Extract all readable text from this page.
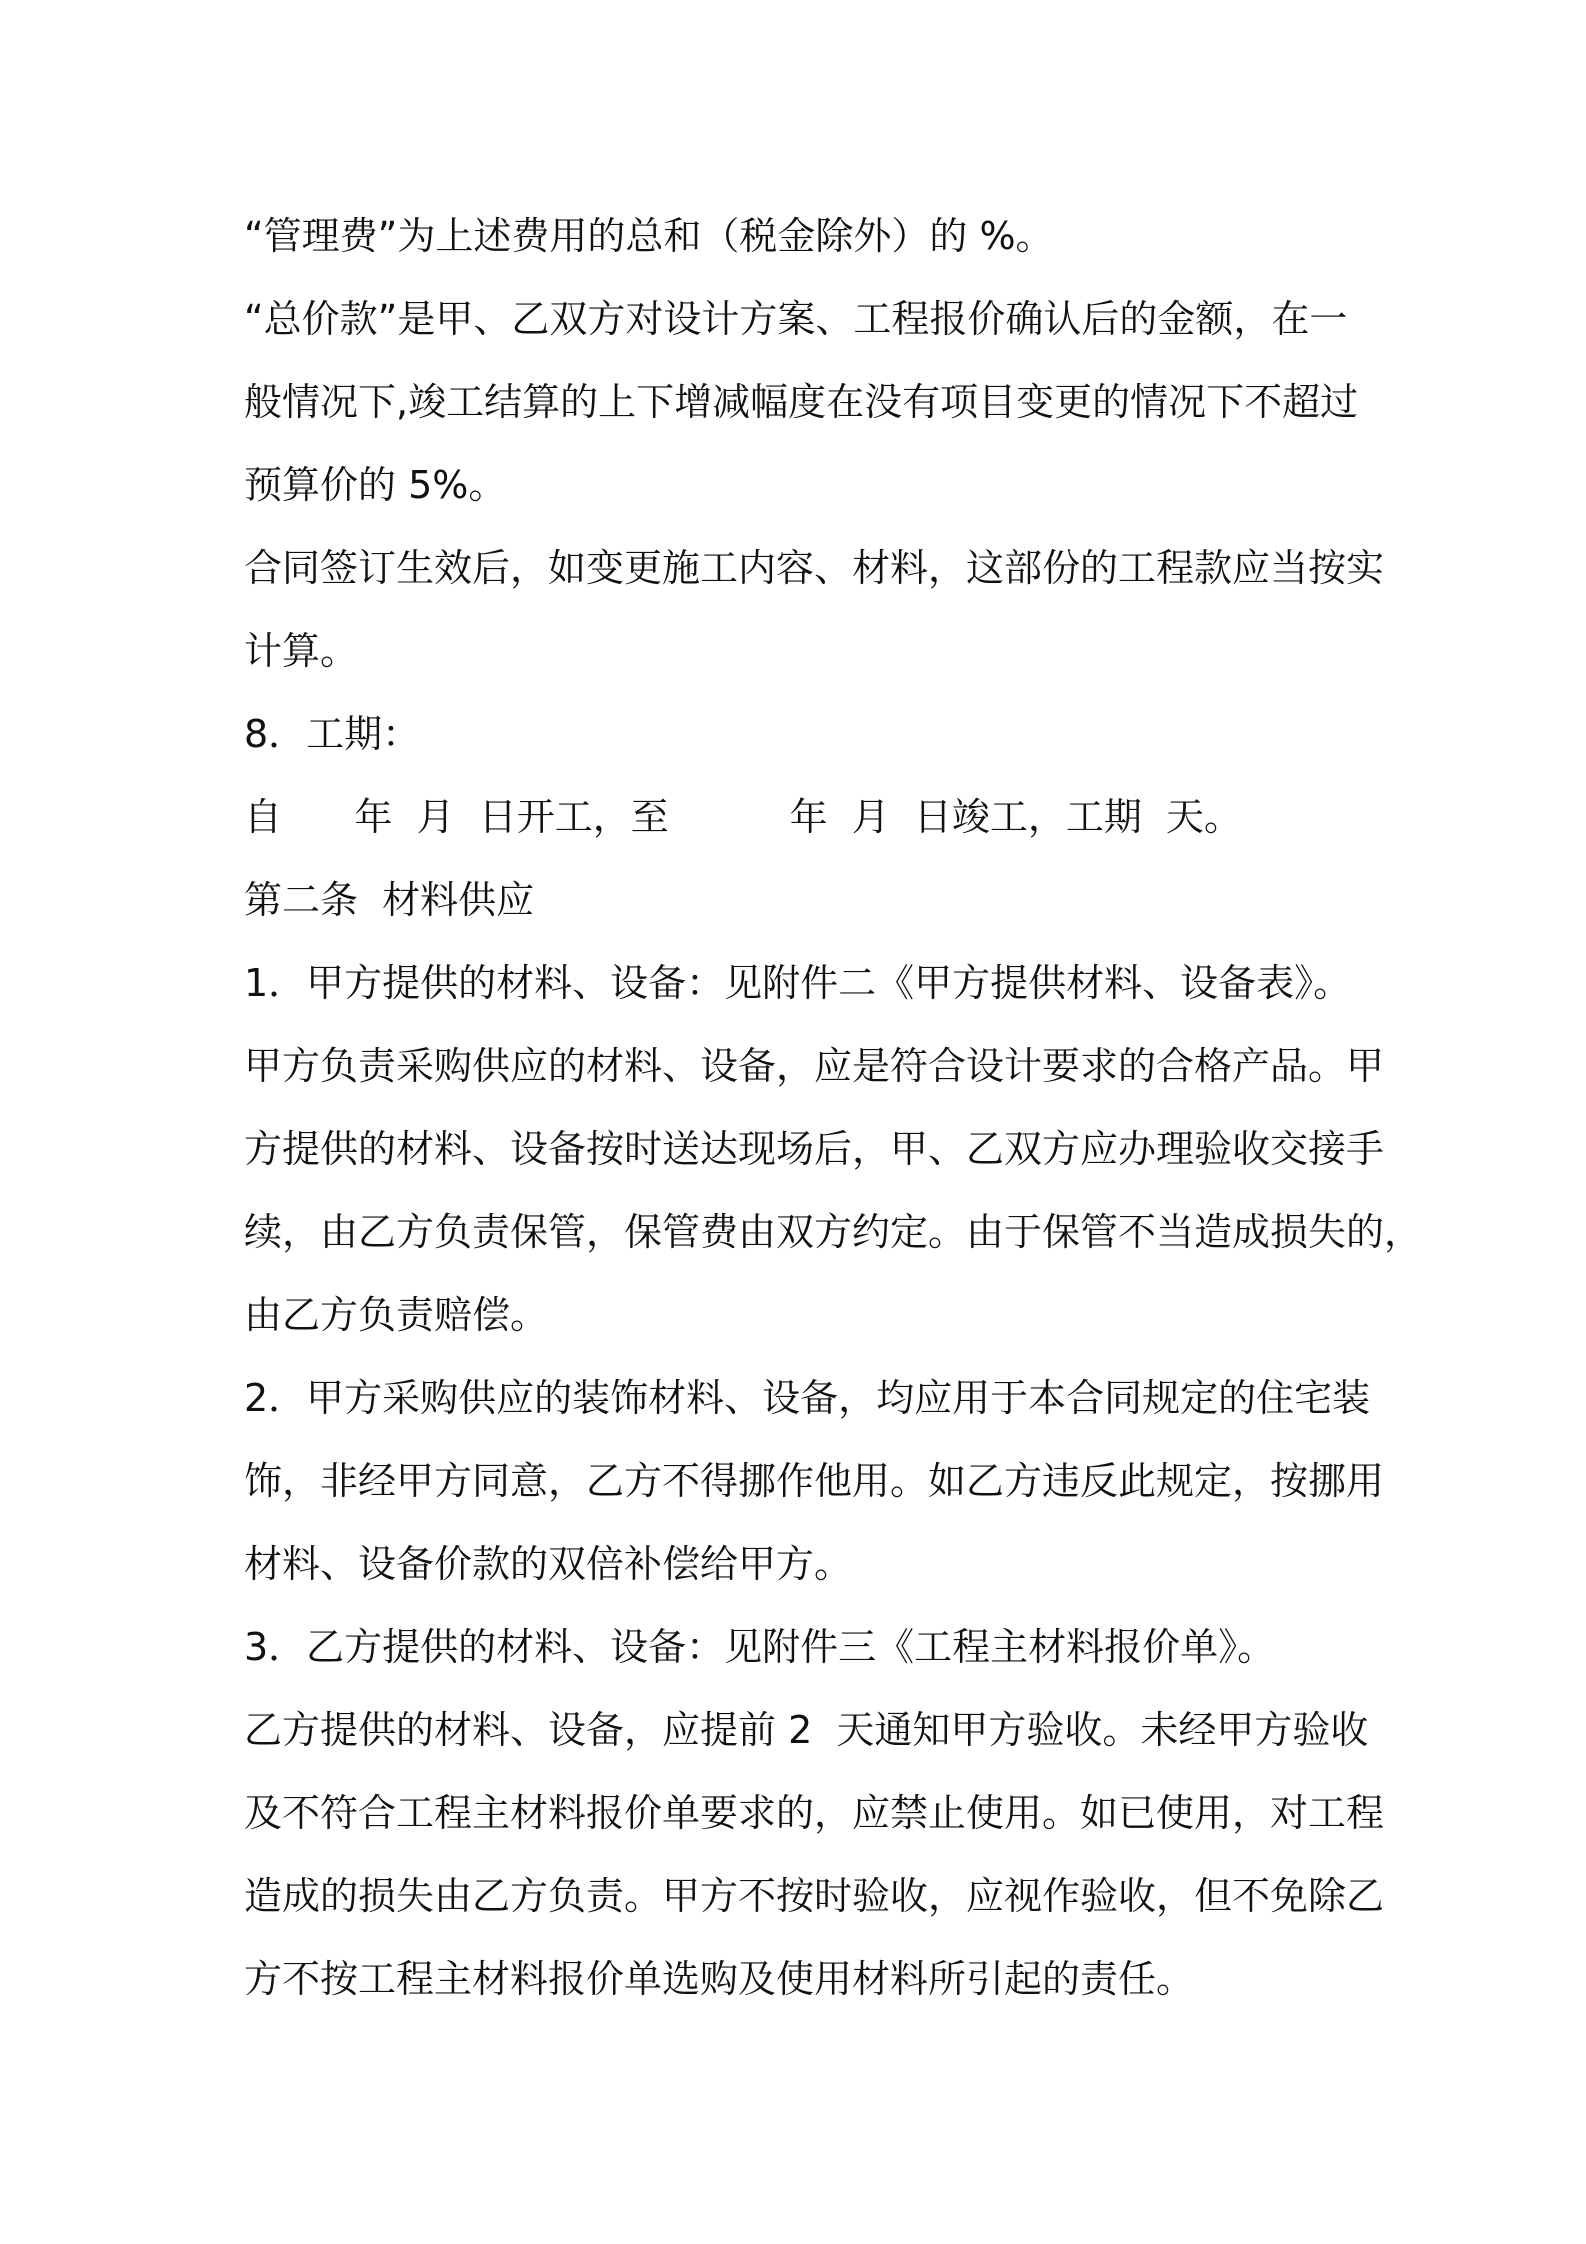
“管理费”为上述费用的总和（税金除外）的 %。
“总价款”是甲、乙双方对设计方案、工程报价确认后的金额，在一
般情况下,竣工结算的上下增减幅度在没有项目变更的情况下不超过
预算价的 5%。
合同签订生效后，如变更施工内容、材料，这部份的工程款应当按实
计算。
8．工期：
自      年  月  日开工，至          年  月  日竣工，工期  天。
第二条  材料供应
1．甲方提供的材料、设备：见附件二《甲方提供材料、设备表》。
甲方负责采购供应的材料、设备，应是符合设计要求的合格产品。甲
方提供的材料、设备按时送达现场后，甲、乙双方应办理验收交接手
续，由乙方负责保管，保管费由双方约定。由于保管不当造成损失的，
由乙方负责赔偿。
2．甲方采购供应的装饰材料、设备，均应用于本合同规定的住宅装
饰，非经甲方同意，乙方不得挪作他用。如乙方违反此规定，按挪用
材料、设备价款的双倍补偿给甲方。
3．乙方提供的材料、设备：见附件三《工程主材料报价单》。
乙方提供的材料、设备，应提前 2  天通知甲方验收。未经甲方验收
及不符合工程主材料报价单要求的，应禁止使用。如已使用，对工程
造成的损失由乙方负责。甲方不按时验收，应视作验收，但不免除乙
方不按工程主材料报价单选购及使用材料所引起的责任。
